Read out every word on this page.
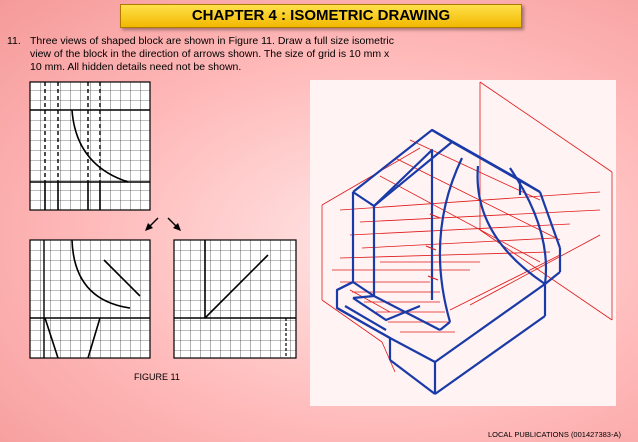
CHAPTER 4 : ISOMETRIC DRAWING
11. Three views of shaped block are shown in Figure 11. Draw a full size isometric view of the block in the direction of arrows shown. The size of grid is 10 mm x 10 mm. All hidden details need not be shown.
FIGURE 11
LOCAL PUBLICATIONS (001427383-A)
